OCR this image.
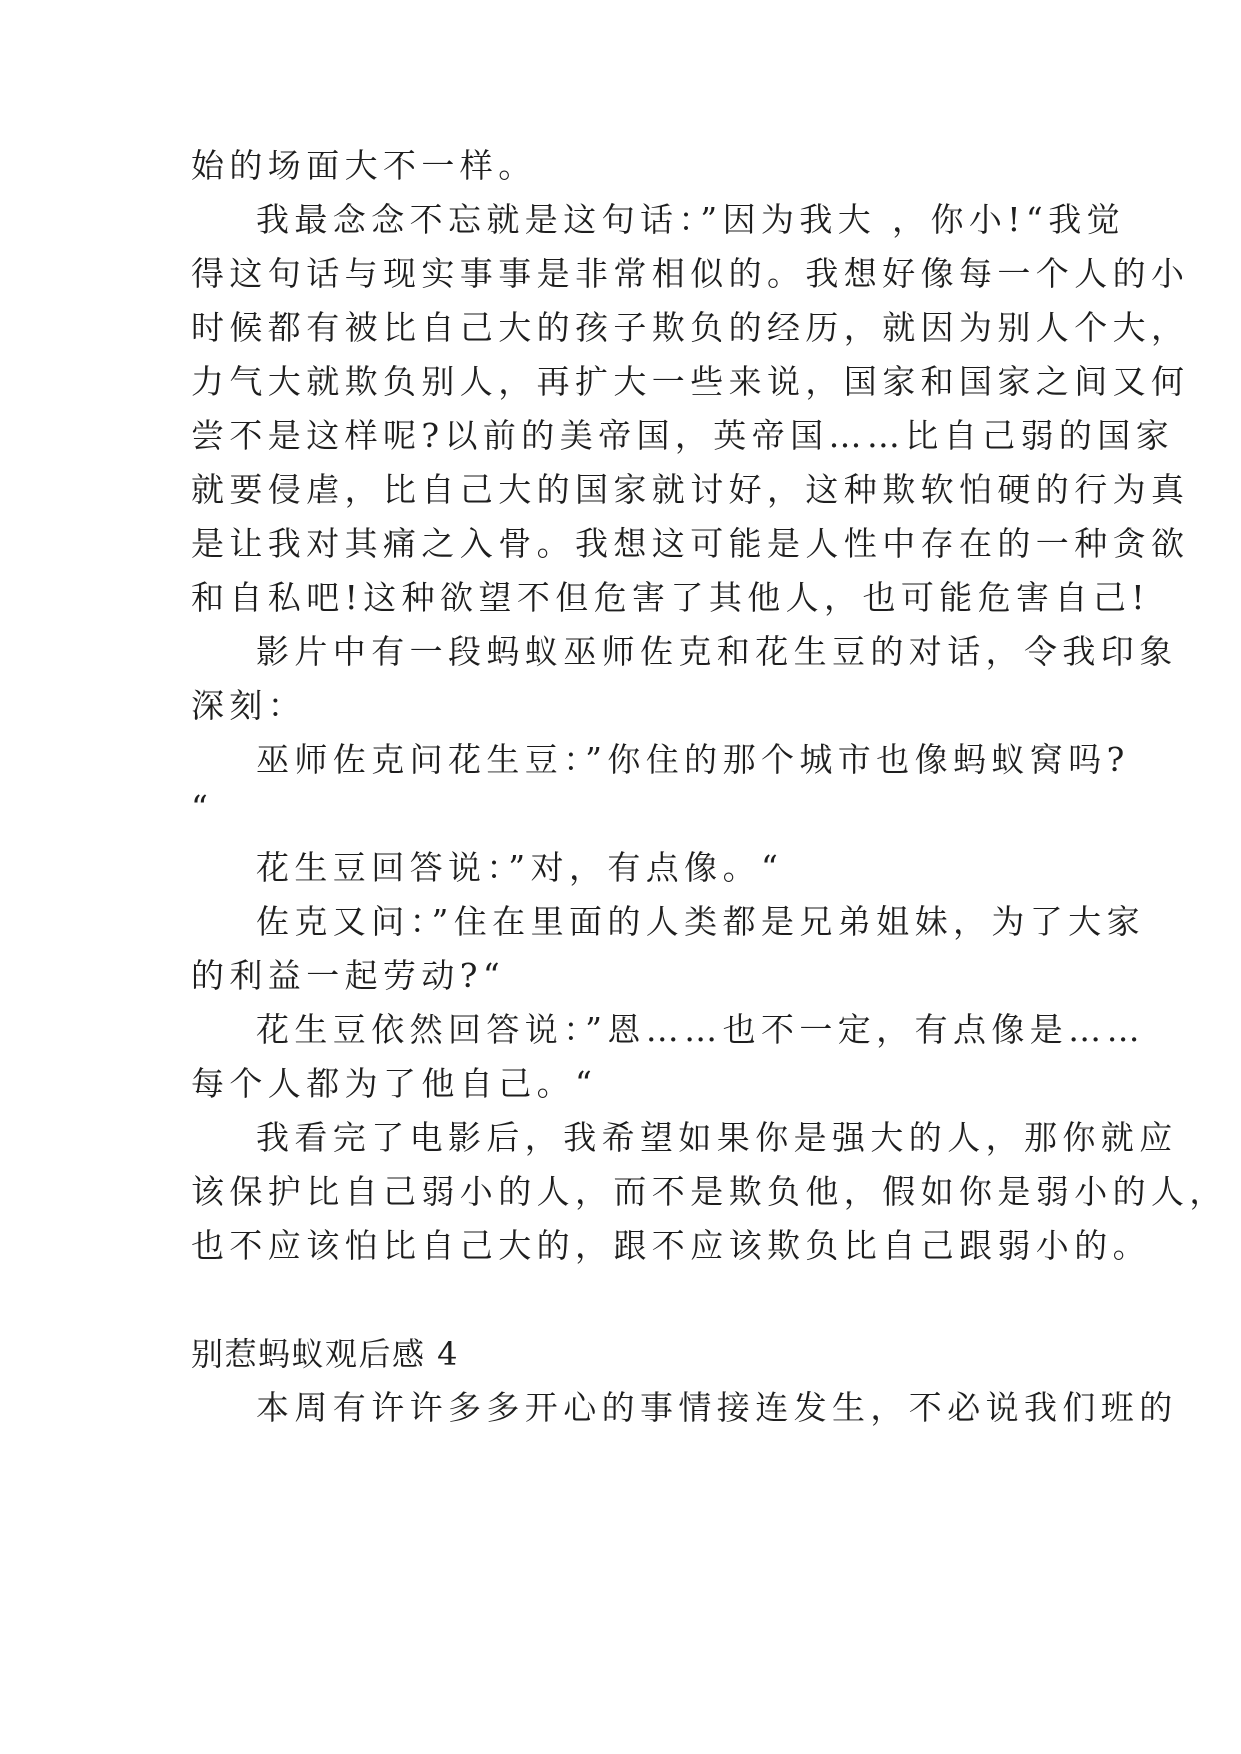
始的场面大不一样。
我最念念不忘就是这句话：”因为我大 ，你小!“我觉
得这句话与现实事事是非常相似的。我想好像每一个人的小
时候都有被比自己大的孩子欺负的经历，就因为别人个大，
力气大就欺负别人，再扩大一些来说，国家和国家之间又何
尝不是这样呢?以前的美帝国，英帝国……比自己弱的国家
就要侵虐，比自己大的国家就讨好，这种欺软怕硬的行为真
是让我对其痛之入骨。我想这可能是人性中存在的一种贪欲
和自私吧!这种欲望不但危害了其他人，也可能危害自己!
影片中有一段蚂蚁巫师佐克和花生豆的对话，令我印象
深刻：
巫师佐克问花生豆：”你住的那个城市也像蚂蚁窝吗?
“
花生豆回答说：”对，有点像。“
佐克又问：”住在里面的人类都是兄弟姐妹，为了大家
的利益一起劳动?“
花生豆依然回答说：”恩……也不一定，有点像是……
每个人都为了他自己。“
我看完了电影后，我希望如果你是强大的人，那你就应
该保护比自己弱小的人，而不是欺负他，假如你是弱小的人，
也不应该怕比自己大的，跟不应该欺负比自己跟弱小的。
别惹蚂蚁观后感 4
本周有许许多多开心的事情接连发生，不必说我们班的
